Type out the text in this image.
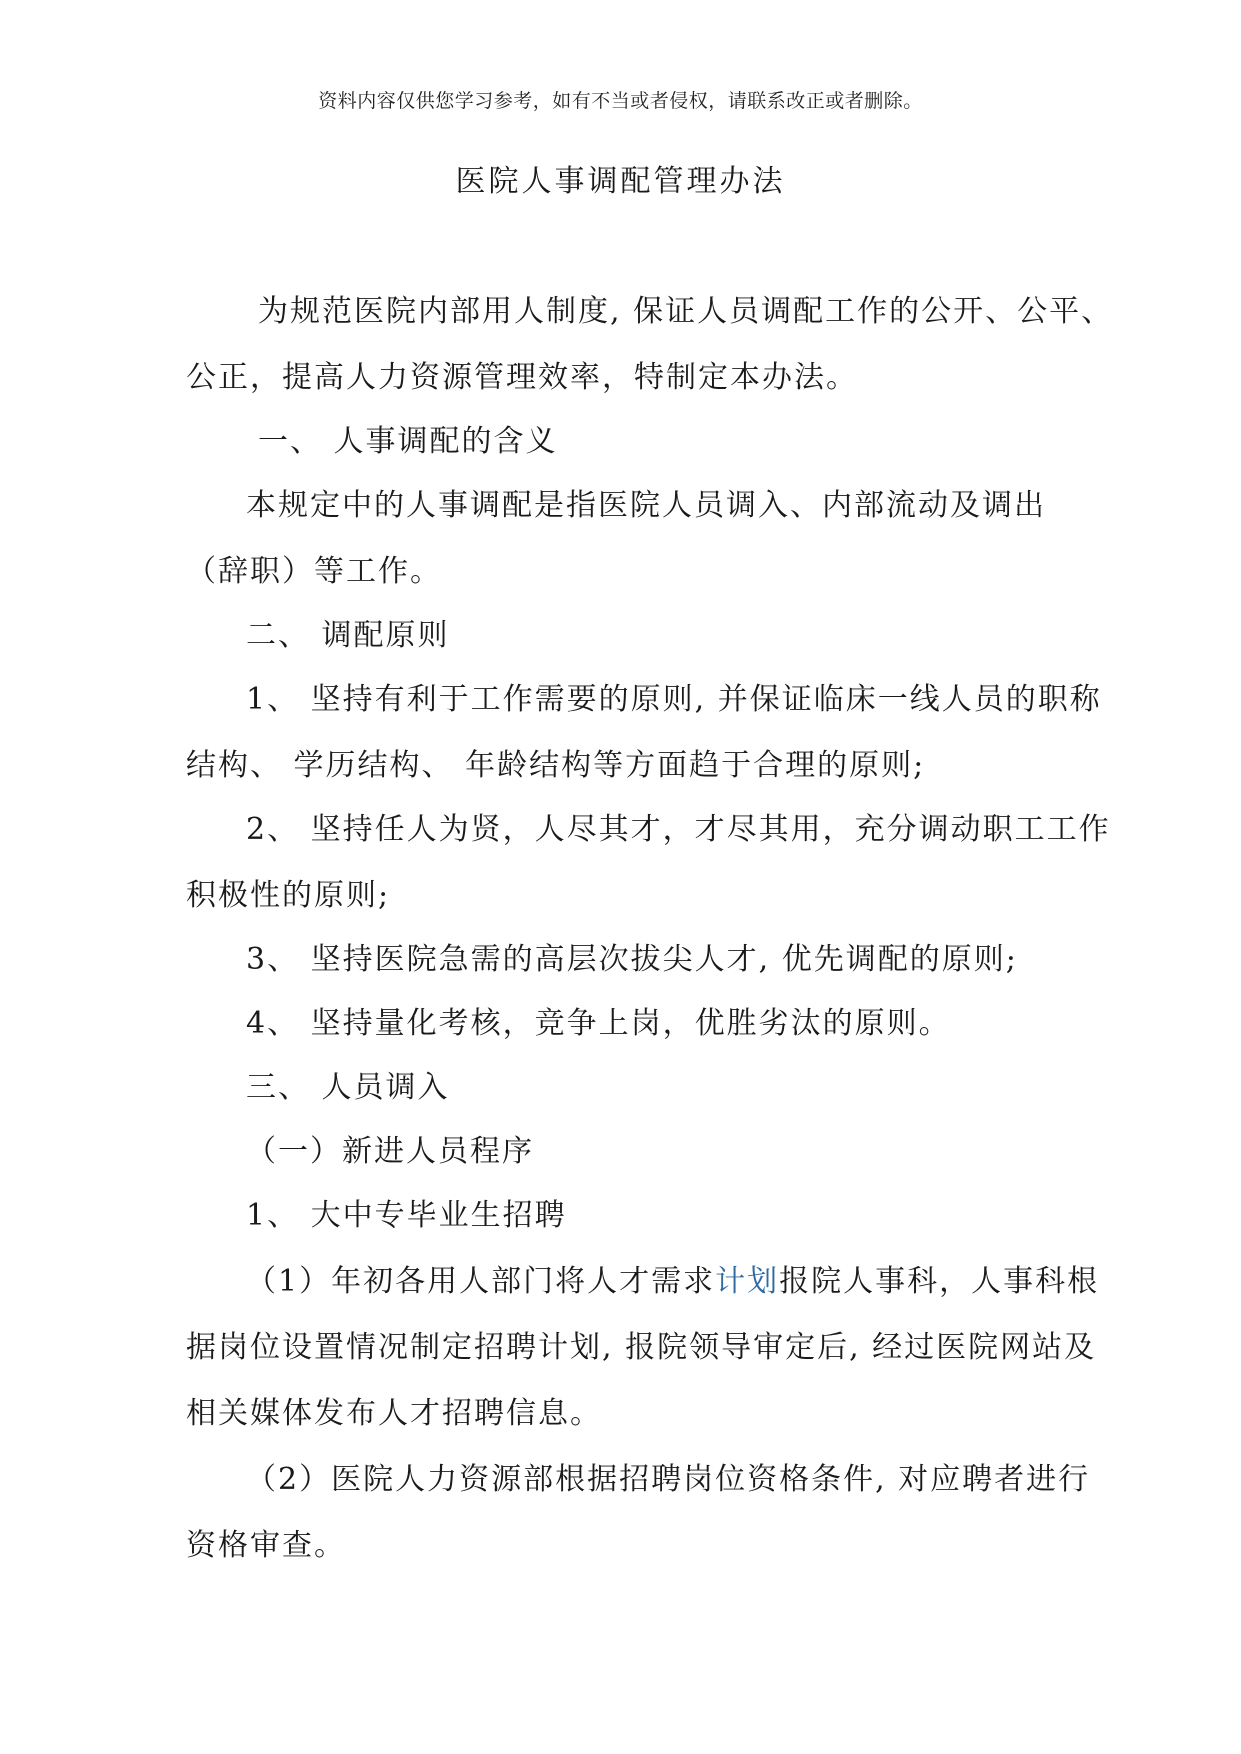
资料内容仅供您学习参考，如有不当或者侵权，请联系改正或者删除。
医院人事调配管理办法
为规范医院内部用人制度, 保证人员调配工作的公开、公平、
公正，提高人力资源管理效率，特制定本办法。
一、 人事调配的含义
本规定中的人事调配是指医院人员调入、内部流动及调出
（辞职）等工作。
二、 调配原则
1、 坚持有利于工作需要的原则, 并保证临床一线人员的职称
结构、 学历结构、 年龄结构等方面趋于合理的原则;
2、 坚持任人为贤，人尽其才，才尽其用，充分调动职工工作
积极性的原则;
3、 坚持医院急需的高层次拔尖人才, 优先调配的原则;
4、 坚持量化考核，竞争上岗，优胜劣汰的原则。
三、 人员调入
（一）新进人员程序
1、 大中专毕业生招聘
（1）年初各用人部门将人才需求计划报院人事科，人事科根
据岗位设置情况制定招聘计划, 报院领导审定后, 经过医院网站及
相关媒体发布人才招聘信息。
（2）医院人力资源部根据招聘岗位资格条件, 对应聘者进行
资格审查。
